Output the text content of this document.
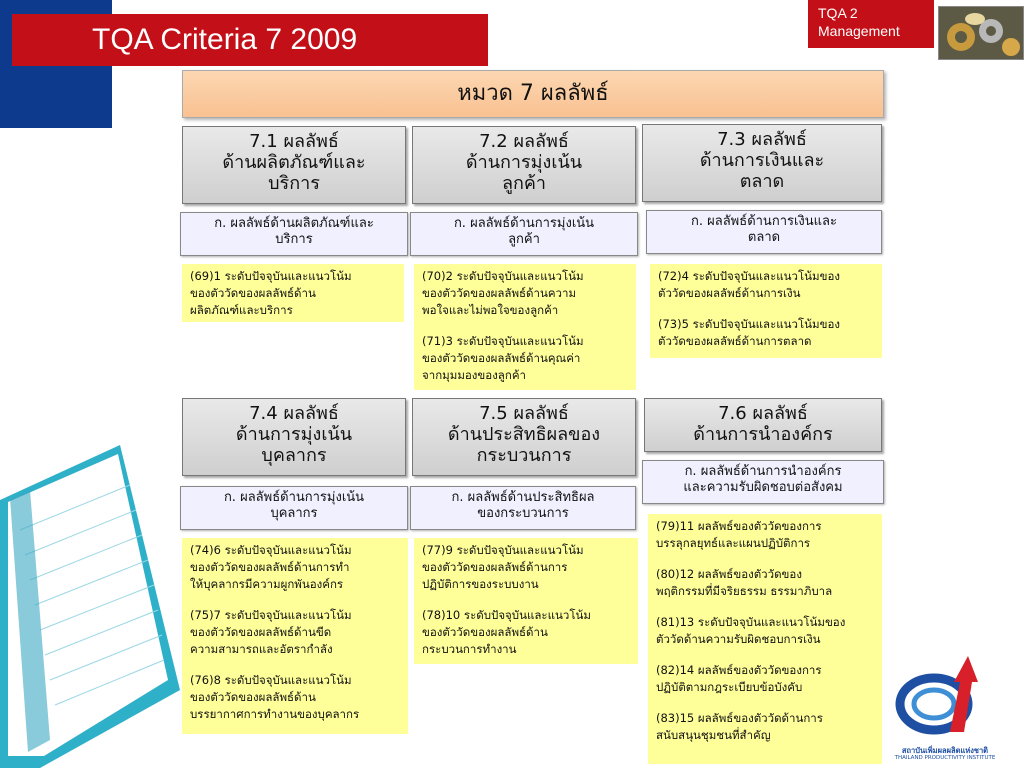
TQA Criteria 7 2009
TQA 2
Management
หมวด 7 ผลลัพธ์
7.1 ผลลัพธ์
ด้านผลิตภัณฑ์และ
บริการ
ก. ผลลัพธ์ด้านผลิตภัณฑ์และ
บริการ
(69)1 ระดับปัจจุบันและแนวโน้ม
ของตัววัดของผลลัพธ์ด้าน
ผลิตภัณฑ์และบริการ
7.2 ผลลัพธ์
ด้านการมุ่งเน้น
ลูกค้า
ก. ผลลัพธ์ด้านการมุ่งเน้น
ลูกค้า
(70)2 ระดับปัจจุบันและแนวโน้ม
ของตัววัดของผลลัพธ์ด้านความ
พอใจและไม่พอใจของลูกค้า
(71)3 ระดับปัจจุบันและแนวโน้ม
ของตัววัดของผลลัพธ์ด้านคุณค่า
จากมุมมองของลูกค้า
7.3 ผลลัพธ์
ด้านการเงินและ
ตลาด
ก. ผลลัพธ์ด้านการเงินและ
ตลาด
(72)4 ระดับปัจจุบันและแนวโน้มของ
ตัววัดของผลลัพธ์ด้านการเงิน
(73)5 ระดับปัจจุบันและแนวโน้มของ
ตัววัดของผลลัพธ์ด้านการตลาด
7.4 ผลลัพธ์
ด้านการมุ่งเน้น
บุคลากร
ก. ผลลัพธ์ด้านการมุ่งเน้น
บุคลากร
(74)6 ระดับปัจจุบันและแนวโน้ม
ของตัววัดของผลลัพธ์ด้านการทำ
ให้บุคลากรมีความผูกพันองค์กร
(75)7 ระดับปัจจุบันและแนวโน้ม
ของตัววัดของผลลัพธ์ด้านขีด
ความสามารถและอัตรากำลัง
(76)8 ระดับปัจจุบันและแนวโน้ม
ของตัววัดของผลลัพธ์ด้าน
บรรยากาศการทำงานของบุคลากร
7.5 ผลลัพธ์
ด้านประสิทธิผลของ
กระบวนการ
ก. ผลลัพธ์ด้านประสิทธิผล
ของกระบวนการ
(77)9 ระดับปัจจุบันและแนวโน้ม
ของตัววัดของผลลัพธ์ด้านการ
ปฏิบัติการของระบบงาน
(78)10 ระดับปัจจุบันและแนวโน้ม
ของตัววัดของผลลัพธ์ด้าน
กระบวนการทำงาน
7.6 ผลลัพธ์
ด้านการนำองค์กร
ก. ผลลัพธ์ด้านการนำองค์กร
และความรับผิดชอบต่อสังคม
(79)11 ผลลัพธ์ของตัววัดของการ
บรรลุกลยุทธ์และแผนปฏิบัติการ
(80)12 ผลลัพธ์ของตัววัดของ
พฤติกรรมที่มีจริยธรรม ธรรมาภิบาล
(81)13 ระดับปัจจุบันและแนวโน้มของ
ตัววัดด้านความรับผิดชอบการเงิน
(82)14 ผลลัพธ์ของตัววัดของการ
ปฏิบัติตามกฎระเบียบข้อบังคับ
(83)15 ผลลัพธ์ของตัววัดด้านการ
สนับสนุนชุมชนที่สำคัญ
สถาบันเพิ่มผลผลิตแห่งชาติ
THAILAND PRODUCTIVITY INSTITUTE
